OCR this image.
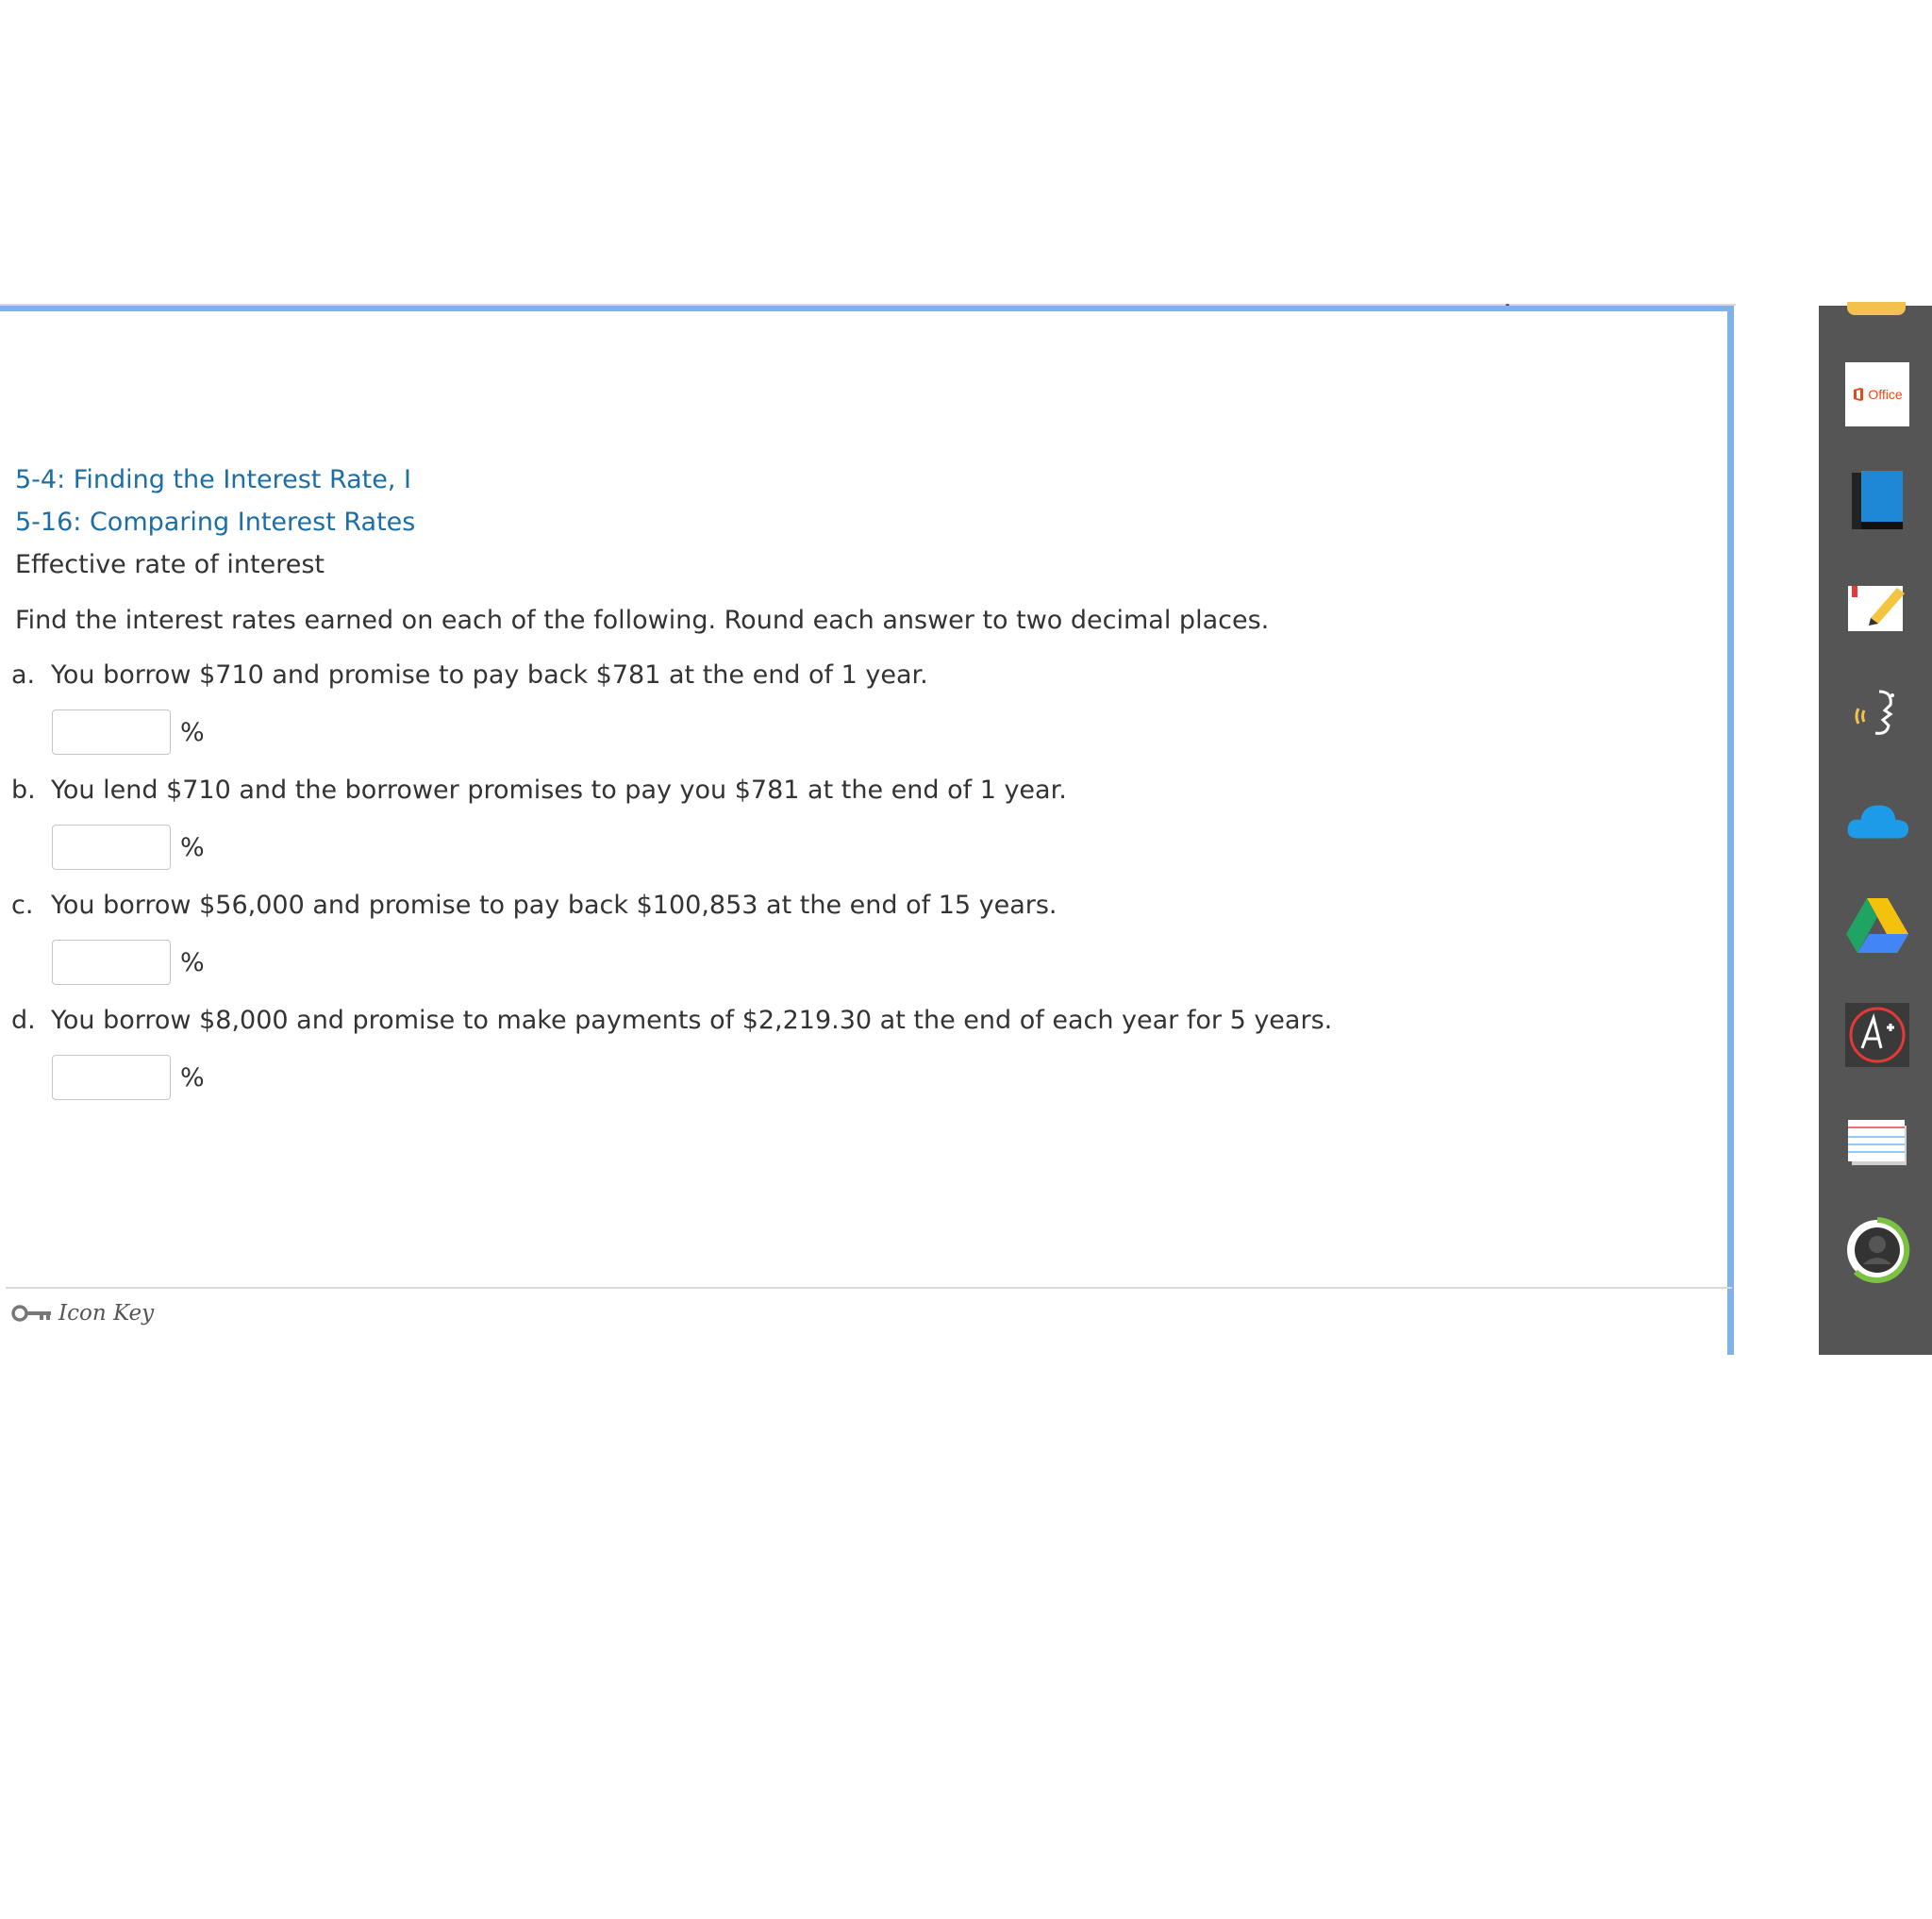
5-4: Finding the Interest Rate, I
5-16: Comparing Interest Rates
Effective rate of interest
Find the interest rates earned on each of the following. Round each answer to two decimal places.
a. You borrow $710 and promise to pay back $781 at the end of 1 year.
%
b. You lend $710 and the borrower promises to pay you $781 at the end of 1 year.
%
c. You borrow $56,000 and promise to pay back $100,853 at the end of 15 years.
%
d. You borrow $8,000 and promise to make payments of $2,219.30 at the end of each year for 5 years.
%
Icon Key
Office
